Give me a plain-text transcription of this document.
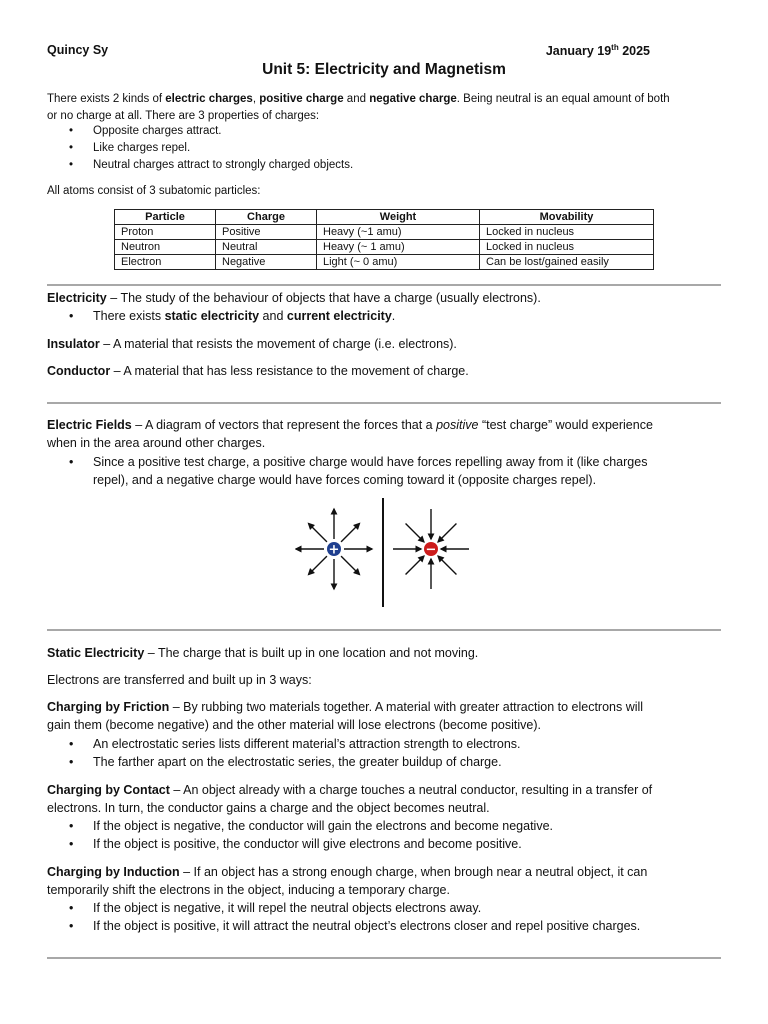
Quincy Sy	January 19th 2025
Unit 5: Electricity and Magnetism

There exists 2 kinds of electric charges, positive charge and negative charge. Being neutral is an equal amount of both
or no charge at all. There are 3 properties of charges:

• Opposite charges attract.
• Like charges repel.
• Neutral charges attract to strongly charged objects.

All atoms consist of 3 subatomic particles:

Particle	Charge	Weight	Movability
Proton	Positive	Heavy (~1 amu)	Locked in nucleus
Neutron	Neutral	Heavy (~ 1 amu)	Locked in nucleus
Electron	Negative	Light (~ 0 amu)	Can be lost/gained easily

Electricity – The study of the behaviour of objects that have a charge (usually electrons).

• There exists static electricity and current electricity.

Insulator – A material that resists the movement of charge (i.e. electrons).

Conductor – A material that has less resistance to the movement of charge.

Electric Fields – A diagram of vectors that represent the forces that a positive “test charge” would experience
when in the area around other charges.

• Since a positive test charge, a positive charge would have forces repelling away from it (like charges
repel), and a negative charge would have forces coming toward it (opposite charges repel).
+	−

Static Electricity – The charge that is built up in one location and not moving.

Electrons are transferred and built up in 3 ways:

Charging by Friction – By rubbing two materials together. A material with greater attraction to electrons will
gain them (become negative) and the other material will lose electrons (become positive).

• An electrostatic series lists different material’s attraction strength to electrons.
• The farther apart on the electrostatic series, the greater buildup of charge.

Charging by Contact – An object already with a charge touches a neutral conductor, resulting in a transfer of
electrons. In turn, the conductor gains a charge and the object becomes neutral.

• If the object is negative, the conductor will gain the electrons and become negative.
• If the object is positive, the conductor will give electrons and become positive.

Charging by Induction – If an object has a strong enough charge, when brough near a neutral object, it can
temporarily shift the electrons in the object, inducing a temporary charge.

• If the object is negative, it will repel the neutral objects electrons away.
• If the object is positive, it will attract the neutral object’s electrons closer and repel positive charges.
